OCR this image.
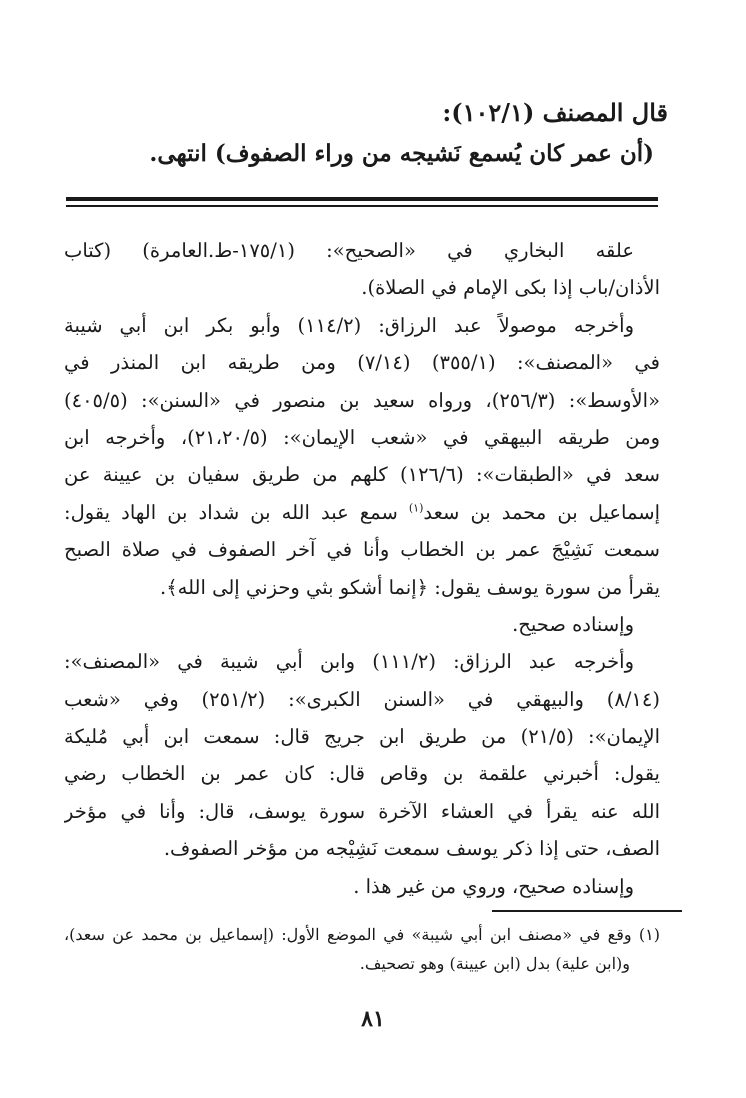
قال المصنف (١٠٢/١):
(أن عمر كان يُسمع نَشيجه من وراء الصفوف) انتهى.
علقه البخاري في «الصحيح»: (١٧٥/١-ط.العامرة) (كتاب
الأذان/باب إذا بكى الإمام في الصلاة).
وأخرجه موصولاً عبد الرزاق: (١١٤/٢) وأبو بكر ابن أبي شيبة
في «المصنف»: (٣٥٥/١) (٧/١٤) ومن طريقه ابن المنذر في
«الأوسط»: (٢٥٦/٣)، ورواه سعيد بن منصور في «السنن»: (٤٠٥/٥)
ومن طريقه البيهقي في «شعب الإيمان»: (٢١،٢٠/٥)، وأخرجه ابن
سعد في «الطبقات»: (١٢٦/٦) كلهم من طريق سفيان بن عيينة عن
إسماعيل بن محمد بن سعد$^{(١)}$ سمع عبد الله بن شداد بن الهاد يقول:
سمعت نَشِيْجَ عمر بن الخطاب وأنا في آخر الصفوف في صلاة الصبح
يقرأ من سورة يوسف يقول: ﴿إنما أشكو بثي وحزني إلى الله﴾.
وإسناده صحيح.
وأخرجه عبد الرزاق: (١١١/٢) وابن أبي شيبة في «المصنف»:
(٨/١٤) والبيهقي في «السنن الكبرى»: (٢٥١/٢) وفي «شعب
الإيمان»: (٢١/٥) من طريق ابن جريج قال: سمعت ابن أبي مُليكة
يقول: أخبرني علقمة بن وقاص قال: كان عمر بن الخطاب رضي
الله عنه يقرأ في العشاء الآخرة سورة يوسف، قال: وأنا في مؤخر
الصف، حتى إذا ذكر يوسف سمعت نَشِيْجه من مؤخر الصفوف.
وإسناده صحيح، وروي من غير هذا .
(١) وقع في «مصنف ابن أبي شيبة» في الموضع الأول: (إسماعيل بن محمد عن سعد)،
و(ابن علية) بدل (ابن عيينة) وهو تصحيف.
٨١
